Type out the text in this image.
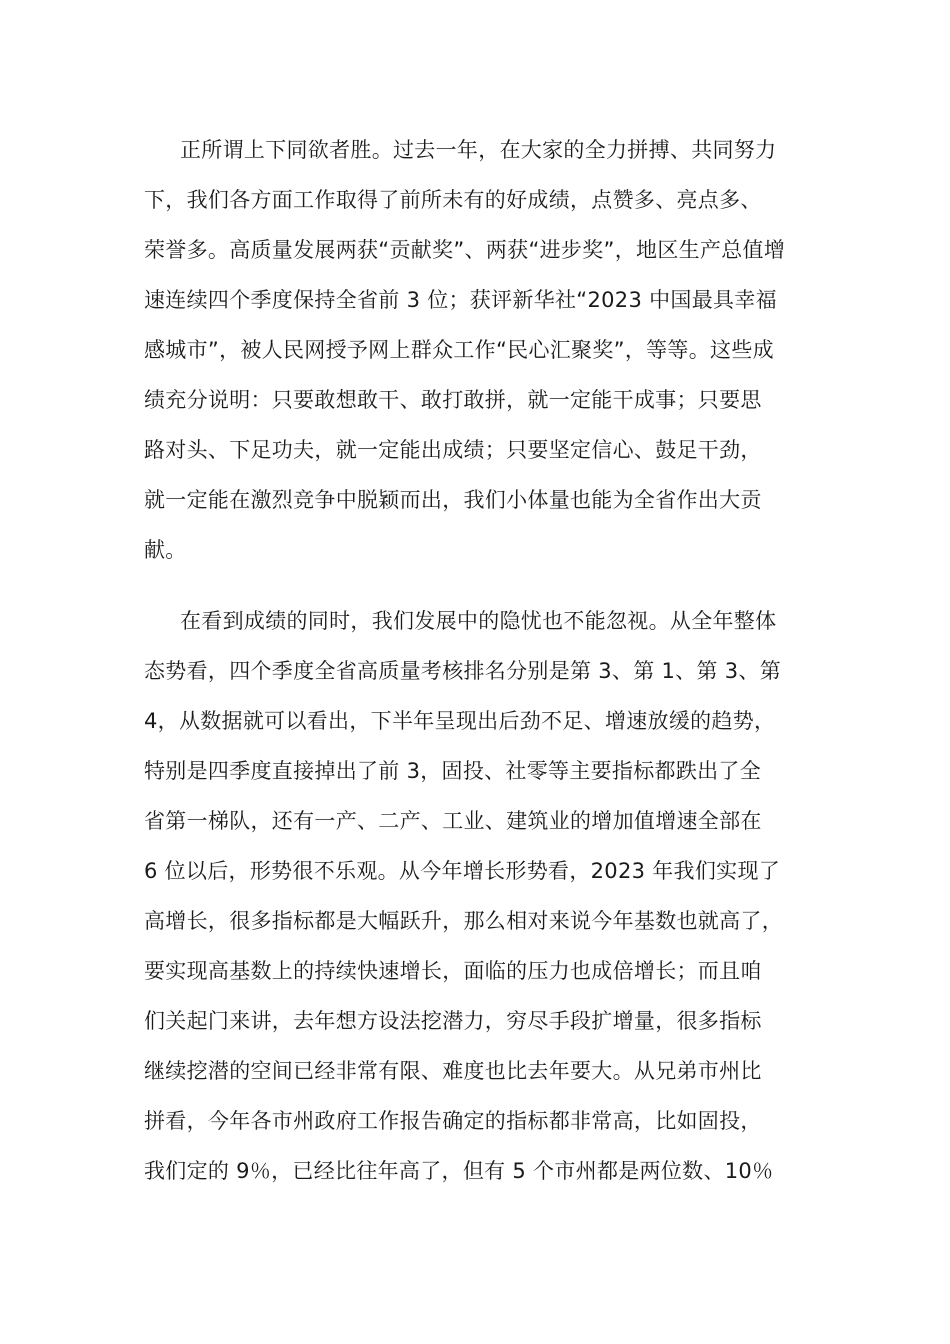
正所谓上下同欲者胜。过去一年，在大家的全力拼搏、共同努力
下，我们各方面工作取得了前所未有的好成绩，点赞多、亮点多、
荣誉多。高质量发展两获“贡献奖”、两获“进步奖”，地区生产总值增
速连续四个季度保持全省前 3 位；获评新华社“2023 中国最具幸福
感城市”，被人民网授予网上群众工作“民心汇聚奖”，等等。这些成
绩充分说明：只要敢想敢干、敢打敢拼，就一定能干成事；只要思
路对头、下足功夫，就一定能出成绩；只要坚定信心、鼓足干劲，
就一定能在激烈竞争中脱颖而出，我们小体量也能为全省作出大贡
献。
在看到成绩的同时，我们发展中的隐忧也不能忽视。从全年整体
态势看，四个季度全省高质量考核排名分别是第 3、第 1、第 3、第
4，从数据就可以看出，下半年呈现出后劲不足、增速放缓的趋势，
特别是四季度直接掉出了前 3，固投、社零等主要指标都跌出了全
省第一梯队，还有一产、二产、工业、建筑业的增加值增速全部在
6 位以后，形势很不乐观。从今年增长形势看，2023 年我们实现了
高增长，很多指标都是大幅跃升，那么相对来说今年基数也就高了，
要实现高基数上的持续快速增长，面临的压力也成倍增长；而且咱
们关起门来讲，去年想方设法挖潜力，穷尽手段扩增量，很多指标
继续挖潜的空间已经非常有限、难度也比去年要大。从兄弟市州比
拼看，今年各市州政府工作报告确定的指标都非常高，比如固投，
我们定的 9％，已经比往年高了，但有 5 个市州都是两位数、10％
